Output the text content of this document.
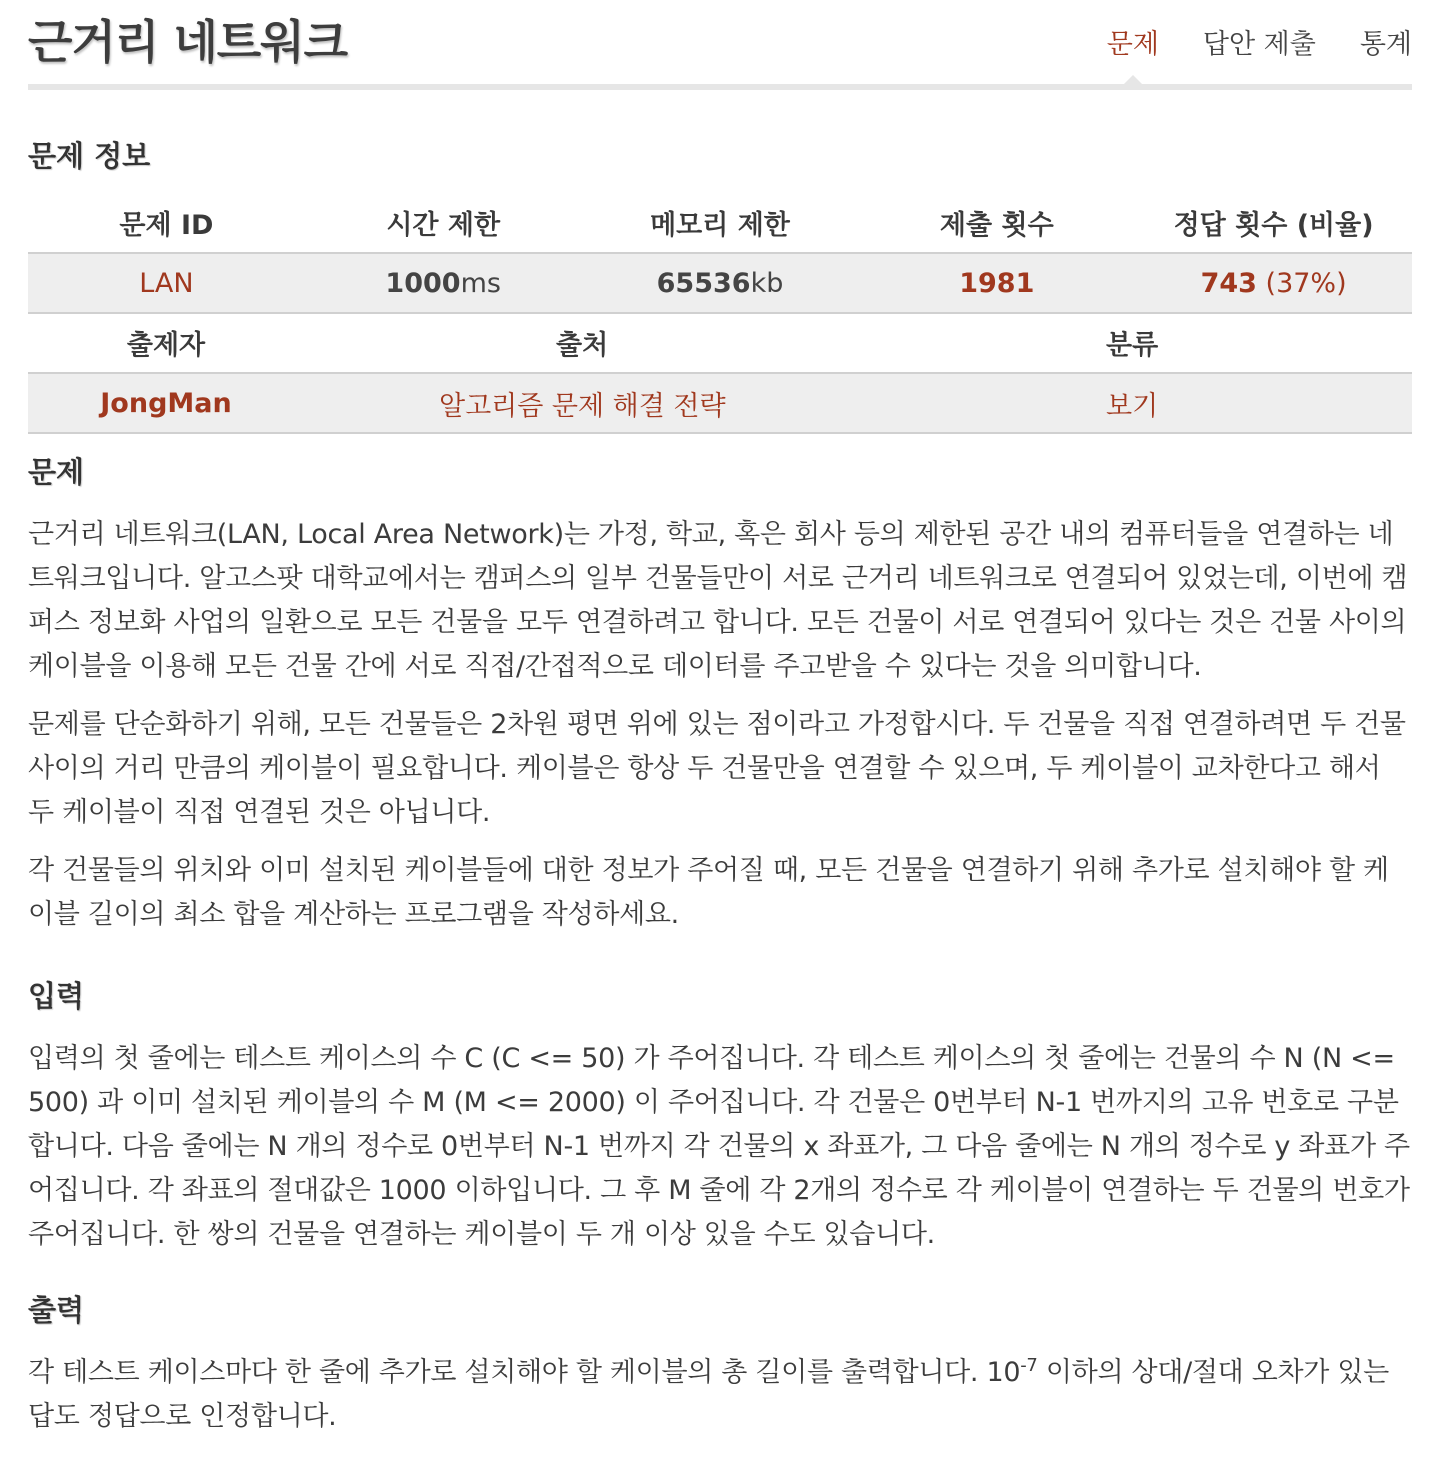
근거리 네트워크	문제 답안 제출 통계
문제 정보
문제 ID	시간 제한	메모리 제한	제출 횟수	정답 횟수 (비율)
LAN	1000ms	65536kb	1981	743 (37%)
출제자	출처	분류
JongMan	알고리즘 문제 해결 전략	보기
문제

근거리 네트워크(LAN, Local Area Network)는 가정, 학교, 혹은 회사 등의 제한된 공간 내의 컴퓨터들을 연결하는 네트워크입니다. 알고스팟 대학교에서는 캠퍼스의 일부 건물들만이 서로 근거리 네트워크로 연결되어 있었는데, 이번에 캠퍼스 정보화 사업의 일환으로 모든 건물을 모두 연결하려고 합니다. 모든 건물이 서로 연결되어 있다는 것은 건물 사이의 케이블을 이용해 모든 건물 간에 서로 직접/간접적으로 데이터를 주고받을 수 있다는 것을 의미합니다.

문제를 단순화하기 위해, 모든 건물들은 2차원 평면 위에 있는 점이라고 가정합시다. 두 건물을 직접 연결하려면 두 건물 사이의 거리 만큼의 케이블이 필요합니다. 케이블은 항상 두 건물만을 연결할 수 있으며, 두 케이블이 교차한다고 해서 두 케이블이 직접 연결된 것은 아닙니다.

각 건물들의 위치와 이미 설치된 케이블들에 대한 정보가 주어질 때, 모든 건물을 연결하기 위해 추가로 설치해야 할 케이블 길이의 최소 합을 계산하는 프로그램을 작성하세요.

입력

입력의 첫 줄에는 테스트 케이스의 수 C (C <= 50) 가 주어집니다. 각 테스트 케이스의 첫 줄에는 건물의 수 N (N <= 500) 과 이미 설치된 케이블의 수 M (M <= 2000) 이 주어집니다. 각 건물은 0번부터 N-1 번까지의 고유 번호로 구분합니다. 다음 줄에는 N 개의 정수로 0번부터 N-1 번까지 각 건물의 x 좌표가, 그 다음 줄에는 N 개의 정수로 y 좌표가 주어집니다. 각 좌표의 절대값은 1000 이하입니다. 그 후 M 줄에 각 2개의 정수로 각 케이블이 연결하는 두 건물의 번호가 주어집니다. 한 쌍의 건물을 연결하는 케이블이 두 개 이상 있을 수도 있습니다.

출력

각 테스트 케이스마다 한 줄에 추가로 설치해야 할 케이블의 총 길이를 출력합니다. $10^{-7}$ 이하의 상대/절대 오차가 있는 답도 정답으로 인정합니다.
